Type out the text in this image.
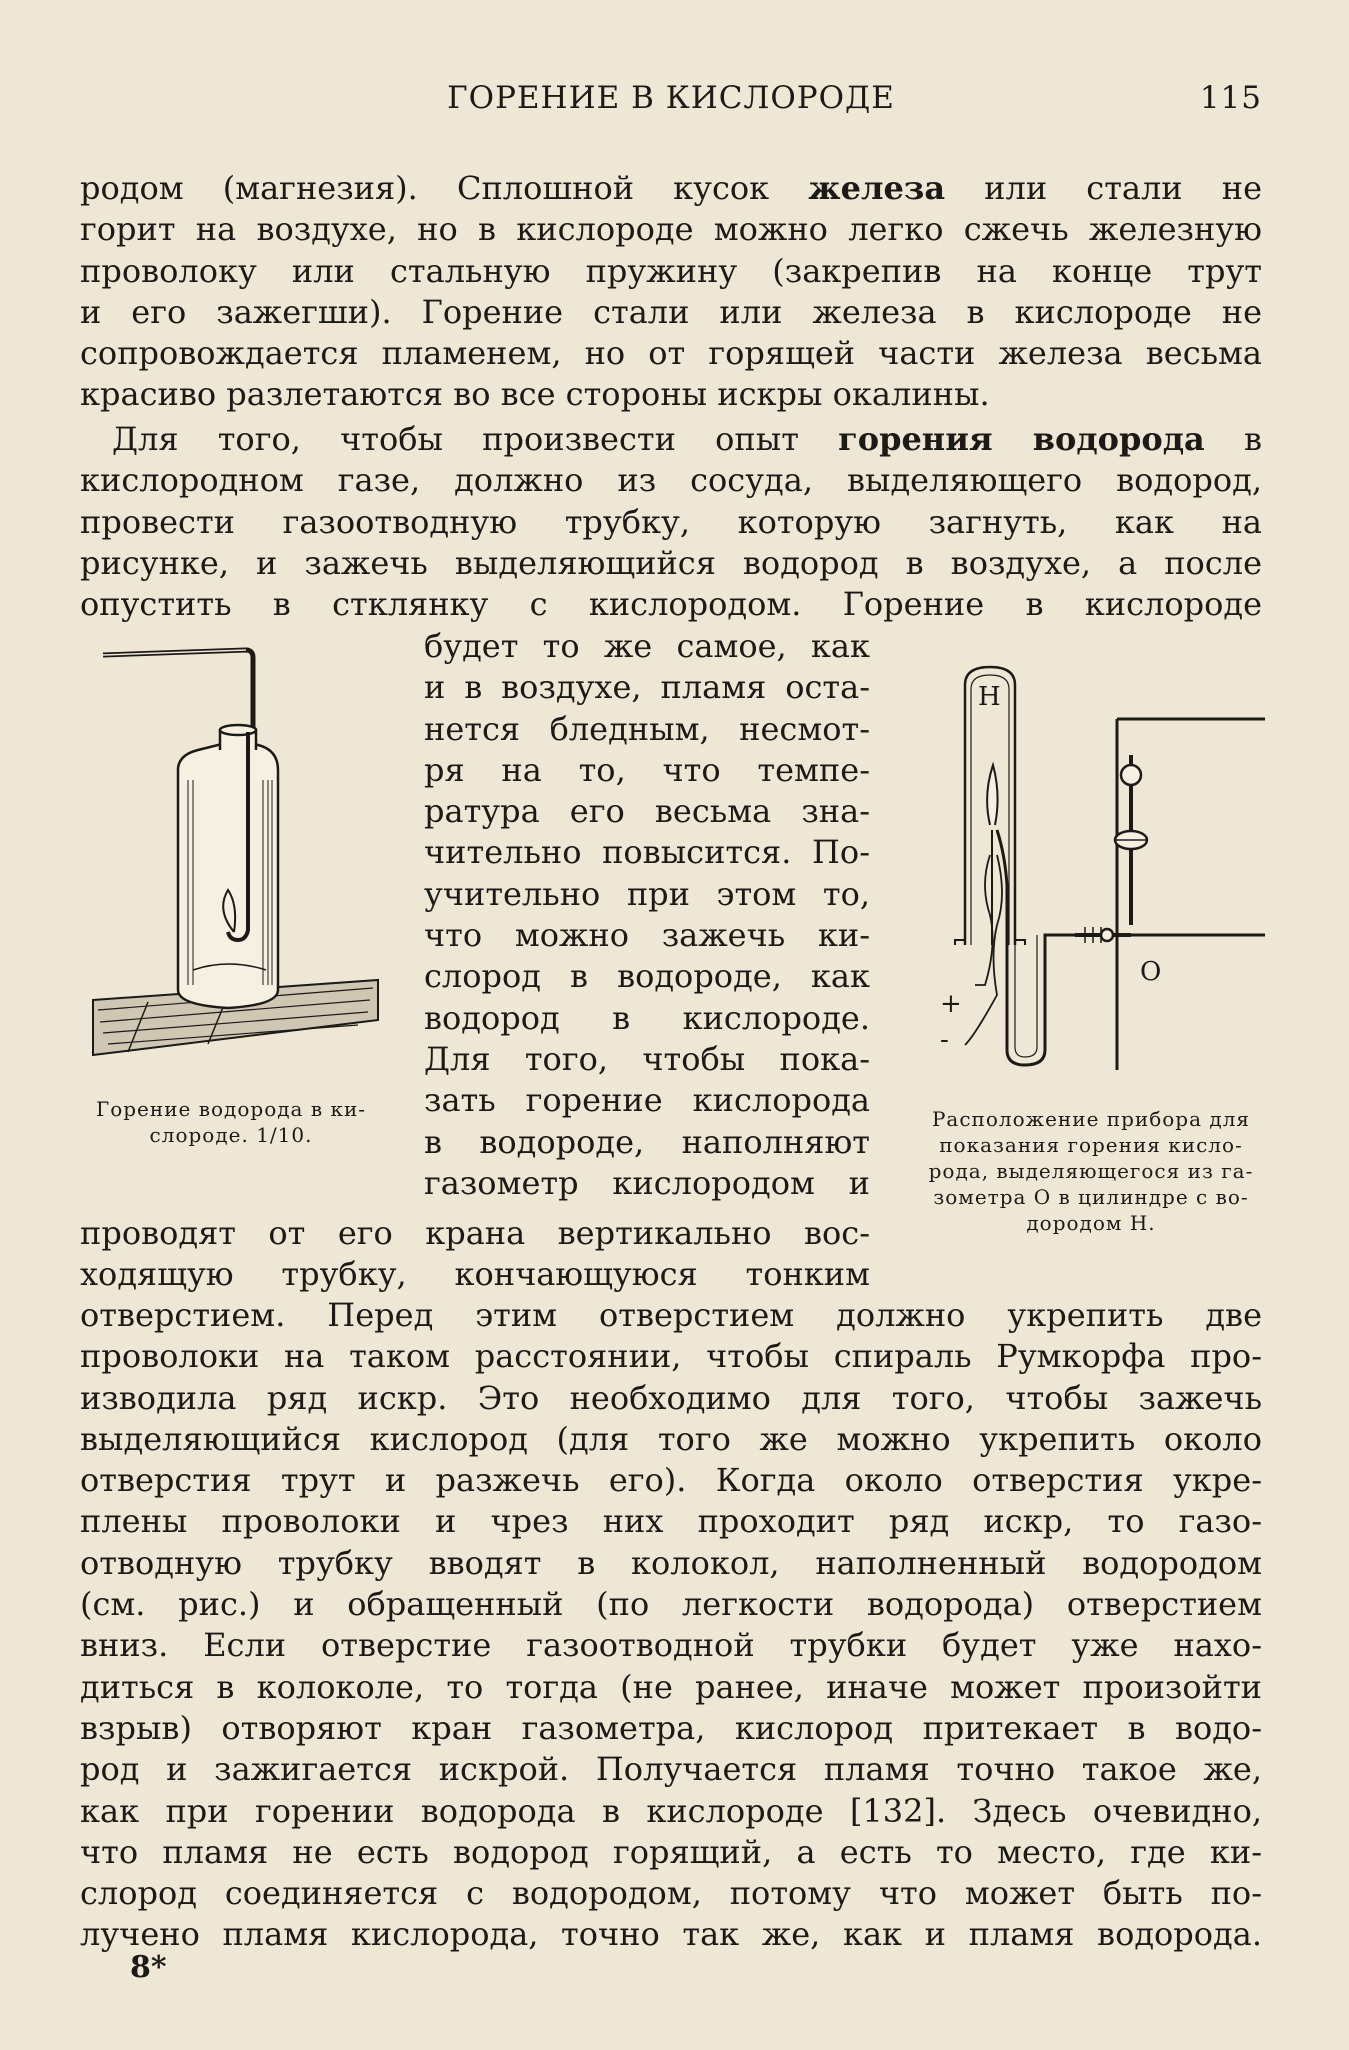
ГОРЕНИЕ В КИСЛОРОДЕ	115

родом (магнезия). Сплошной кусок железа или стали не
горит на воздухе, но в кислороде можно легко сжечь железную
проволоку или стальную пружину (закрепив на конце трут
и его зажегши). Горение стали или железа в кислороде не
сопровождается пламенем, но от горящей части железа весьма
красиво разлетаются во все стороны искры окалины.

 Для того, чтобы произвести опыт горения водорода в
кислородном газе, должно из сосуда, выделяющего водород,
провести газоотводную трубку, которую загнуть, как на
рисунке, и зажечь выделяющийся водород в воздухе, а после
опустить в стклянку с кислородом. Горение в кислороде

будет то же самое, как
и в воздухе, пламя оста-
нется бледным, несмот-
ря на то, что темпе-
ратура его весьма зна-
чительно повысится. По-
учительно при этом то,
что можно зажечь ки-
слород в водороде, как
водород в кислороде.
Для того, чтобы пока-
зать горение кислорода
в водороде, наполняют
газометр кислородом и

проводят от его крана вертикально вос-
ходящую трубку, кончающуюся тонким

отверстием. Перед этим отверстием должно укрепить две
проволоки на таком расстоянии, чтобы спираль Румкорфа про-
изводила ряд искр. Это необходимо для того, чтобы зажечь
выделяющийся кислород (для того же можно укрепить около
отверстия трут и разжечь его). Когда около отверстия укре-
плены проволоки и чрез них проходит ряд искр, то газо-
отводную трубку вводят в колокол, наполненный водородом
(см. рис.) и обращенный (по легкости водорода) отверстием
вниз. Если отверстие газоотводной трубки будет уже нахо-
диться в колоколе, то тогда (не ранее, иначе может произойти
взрыв) отворяют кран газометра, кислород притекает в водо-
род и зажигается искрой. Получается пламя точно такое же,
как при горении водорода в кислороде [132]. Здесь очевидно,
что пламя не есть водород горящий, а есть то место, где ки-
слород соединяется с водородом, потому что может быть по-
лучено пламя кислорода, точно так же, как и пламя водорода.

Горение водорода в ки-
слороде. 1/10.
H
O
+
-
Расположение прибора для
показания горения кисло-
рода, выделяющегося из га-
зометра O в цилиндре с во-
дородом H.
8*
